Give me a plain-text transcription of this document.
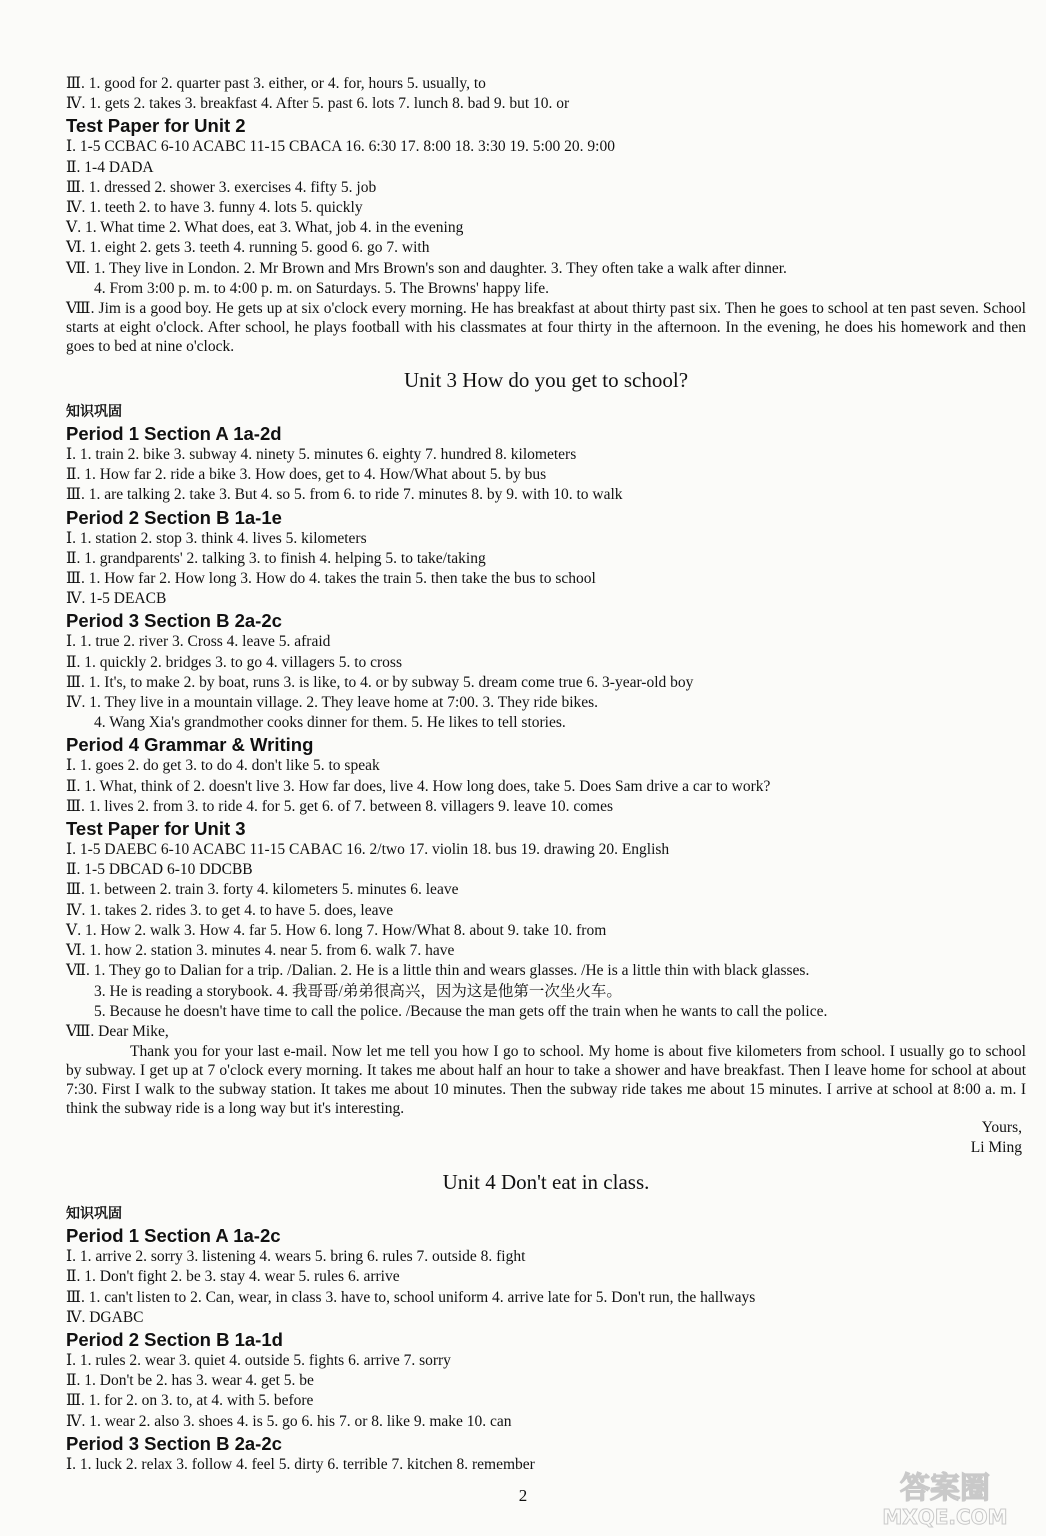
Ⅲ. 1. good for 2. quarter past 3. either, or 4. for, hours 5. usually, to
Ⅳ. 1. gets 2. takes 3. breakfast 4. After 5. past 6. lots 7. lunch 8. bad 9. but 10. or
Test Paper for Unit 2
Ⅰ. 1-5 CCBAC 6-10 ACABC 11-15 CBACA 16. 6:30 17. 8:00 18. 3:30 19. 5:00 20. 9:00
Ⅱ. 1-4 DADA
Ⅲ. 1. dressed 2. shower 3. exercises 4. fifty 5. job
Ⅳ. 1. teeth 2. to have 3. funny 4. lots 5. quickly
Ⅴ. 1. What time 2. What does, eat 3. What, job 4. in the evening
Ⅵ. 1. eight 2. gets 3. teeth 4. running 5. good 6. go 7. with
Ⅶ. 1. They live in London. 2. Mr Brown and Mrs Brown's son and daughter. 3. They often take a walk after dinner.
4. From 3:00 p. m. to 4:00 p. m. on Saturdays. 5. The Browns' happy life.
Ⅷ. Jim is a good boy. He gets up at six o'clock every morning. He has breakfast at about thirty past six. Then he goes to school at ten past seven. School starts at eight o'clock. After school, he plays football with his classmates at four thirty in the afternoon. In the evening, he does his homework and then goes to bed at nine o'clock.
Unit 3 How do you get to school?
知识巩固
Period 1 Section A 1a-2d
Ⅰ. 1. train 2. bike 3. subway 4. ninety 5. minutes 6. eighty 7. hundred 8. kilometers
Ⅱ. 1. How far 2. ride a bike 3. How does, get to 4. How/What about 5. by bus
Ⅲ. 1. are talking 2. take 3. But 4. so 5. from 6. to ride 7. minutes 8. by 9. with 10. to walk
Period 2 Section B 1a-1e
Ⅰ. 1. station 2. stop 3. think 4. lives 5. kilometers
Ⅱ. 1. grandparents' 2. talking 3. to finish 4. helping 5. to take/taking
Ⅲ. 1. How far 2. How long 3. How do 4. takes the train 5. then take the bus to school
Ⅳ. 1-5 DEACB
Period 3 Section B 2a-2c
Ⅰ. 1. true 2. river 3. Cross 4. leave 5. afraid
Ⅱ. 1. quickly 2. bridges 3. to go 4. villagers 5. to cross
Ⅲ. 1. It's, to make 2. by boat, runs 3. is like, to 4. or by subway 5. dream come true 6. 3-year-old boy
Ⅳ. 1. They live in a mountain village. 2. They leave home at 7:00. 3. They ride bikes.
4. Wang Xia's grandmother cooks dinner for them. 5. He likes to tell stories.
Period 4 Grammar & Writing
Ⅰ. 1. goes 2. do get 3. to do 4. don't like 5. to speak
Ⅱ. 1. What, think of 2. doesn't live 3. How far does, live 4. How long does, take 5. Does Sam drive a car to work?
Ⅲ. 1. lives 2. from 3. to ride 4. for 5. get 6. of 7. between 8. villagers 9. leave 10. comes
Test Paper for Unit 3
Ⅰ. 1-5 DAEBC 6-10 ACABC 11-15 CABAC 16. 2/two 17. violin 18. bus 19. drawing 20. English
Ⅱ. 1-5 DBCAD 6-10 DDCBB
Ⅲ. 1. between 2. train 3. forty 4. kilometers 5. minutes 6. leave
Ⅳ. 1. takes 2. rides 3. to get 4. to have 5. does, leave
Ⅴ. 1. How 2. walk 3. How 4. far 5. How 6. long 7. How/What 8. about 9. take 10. from
Ⅵ. 1. how 2. station 3. minutes 4. near 5. from 6. walk 7. have
Ⅶ. 1. They go to Dalian for a trip. /Dalian. 2. He is a little thin and wears glasses. /He is a little thin with black glasses.
3. He is reading a storybook. 4. 我哥哥/弟弟很高兴，因为这是他第一次坐火车。
5. Because he doesn't have time to call the police. /Because the man gets off the train when he wants to call the police.
Ⅷ. Dear Mike,
Thank you for your last e-mail. Now let me tell you how I go to school. My home is about five kilometers from school. I usually go to school by subway. I get up at 7 o'clock every morning. It takes me about half an hour to take a shower and have breakfast. Then I leave home for school at about 7:30. First I walk to the subway station. It takes me about 10 minutes. Then the subway ride takes me about 15 minutes. I arrive at school at 8:00 a. m. I think the subway ride is a long way but it's interesting.
Yours,
Li Ming
Unit 4 Don't eat in class.
知识巩固
Period 1 Section A 1a-2c
Ⅰ. 1. arrive 2. sorry 3. listening 4. wears 5. bring 6. rules 7. outside 8. fight
Ⅱ. 1. Don't fight 2. be 3. stay 4. wear 5. rules 6. arrive
Ⅲ. 1. can't listen to 2. Can, wear, in class 3. have to, school uniform 4. arrive late for 5. Don't run, the hallways
Ⅳ. DGABC
Period 2 Section B 1a-1d
Ⅰ. 1. rules 2. wear 3. quiet 4. outside 5. fights 6. arrive 7. sorry
Ⅱ. 1. Don't be 2. has 3. wear 4. get 5. be
Ⅲ. 1. for 2. on 3. to, at 4. with 5. before
Ⅳ. 1. wear 2. also 3. shoes 4. is 5. go 6. his 7. or 8. like 9. make 10. can
Period 3 Section B 2a-2c
Ⅰ. 1. luck 2. relax 3. follow 4. feel 5. dirty 6. terrible 7. kitchen 8. remember
2	答案圈
MXQE.COM
